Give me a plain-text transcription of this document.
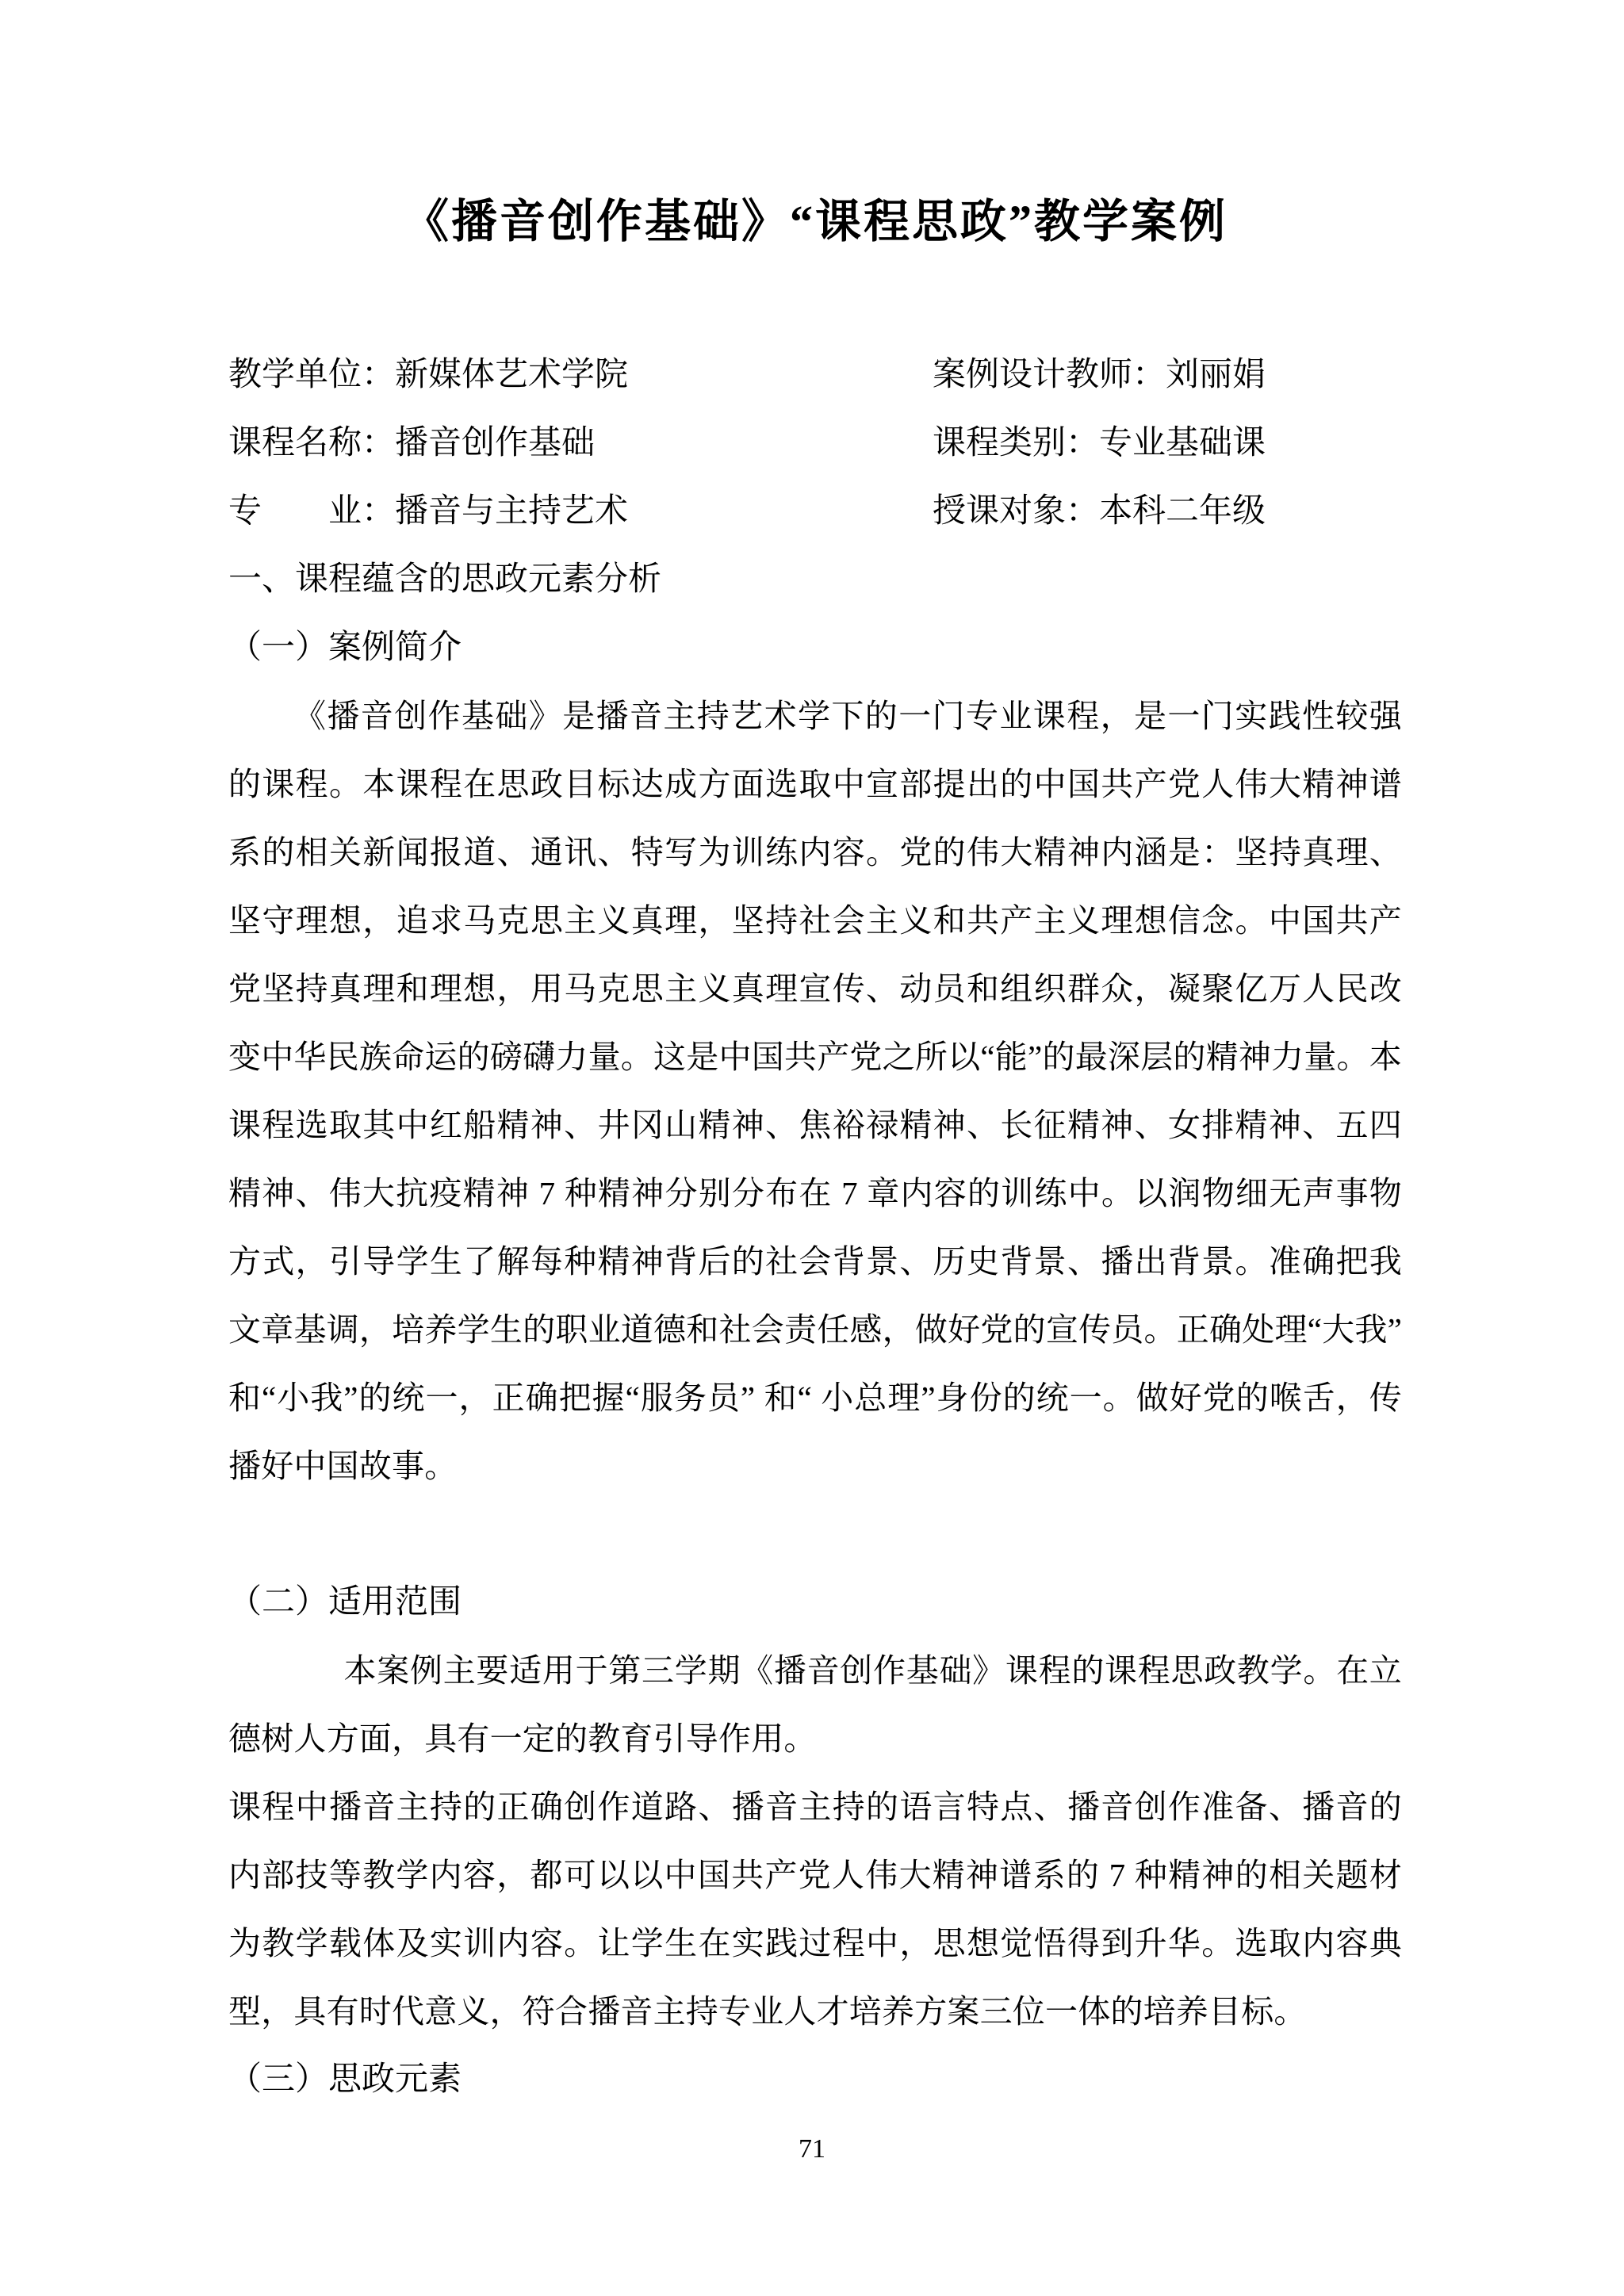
《播音创作基础》“课程思政”教学案例
教学单位：新媒体艺术学院	案例设计教师：刘丽娟
课程名称：播音创作基础	课程类别：专业基础课
专　　业：播音与主持艺术	授课对象：本科二年级
一、课程蕴含的思政元素分析
（一）案例简介

《播音创作基础》是播音主持艺术学下的一门专业课程，是一门实践性较强的课程。本课程在思政目标达成方面选取中宣部提出的中国共产党人伟大精神谱系的相关新闻报道、通讯、特写为训练内容。党的伟大精神内涵是：坚持真理、坚守理想，追求马克思主义真理，坚持社会主义和共产主义理想信念。中国共产党坚持真理和理想，用马克思主义真理宣传、动员和组织群众，凝聚亿万人民改变中华民族命运的磅礴力量。这是中国共产党之所以“能”的最深层的精神力量。本课程选取其中红船精神、井冈山精神、焦裕禄精神、长征精神、女排精神、五四精神、伟大抗疫精神 7 种精神分别分布在 7 章内容的训练中。以润物细无声事物方式，引导学生了解每种精神背后的社会背景、历史背景、播出背景。准确把我文章基调，培养学生的职业道德和社会责任感，做好党的宣传员。正确处理“大我”和“小我”的统一，正确把握“服务员” 和“ 小总理”身份的统一。做好党的喉舌，传播好中国故事。

（二）适用范围

本案例主要适用于第三学期《播音创作基础》课程的课程思政教学。在立德树人方面，具有一定的教育引导作用。

课程中播音主持的正确创作道路、播音主持的语言特点、播音创作准备、播音的内部技等教学内容，都可以以中国共产党人伟大精神谱系的 7 种精神的相关题材为教学载体及实训内容。让学生在实践过程中，思想觉悟得到升华。选取内容典型，具有时代意义，符合播音主持专业人才培养方案三位一体的培养目标。

（三）思政元素
71
